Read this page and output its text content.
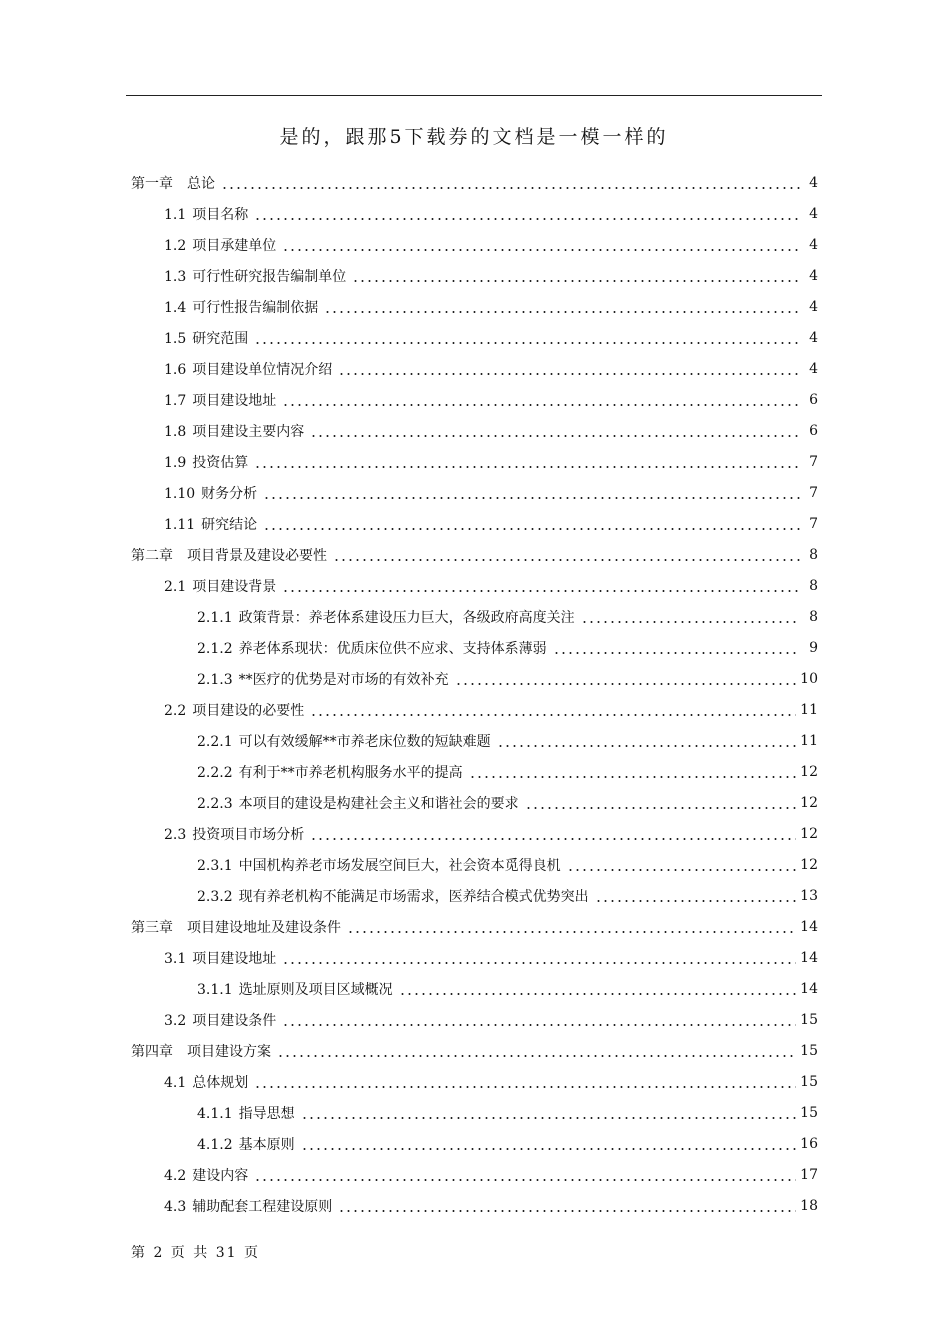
是的，跟那5下载券的文档是一模一样的
第一章 总论	4
1.1 项目名称	4
1.2 项目承建单位	4
1.3 可行性研究报告编制单位	4
1.4 可行性报告编制依据	4
1.5 研究范围	4
1.6 项目建设单位情况介绍	4
1.7 项目建设地址	6
1.8 项目建设主要内容	6
1.9 投资估算	7
1.10 财务分析	7
1.11 研究结论	7
第二章 项目背景及建设必要性	8
2.1 项目建设背景	8
2.1.1 政策背景：养老体系建设压力巨大，各级政府高度关注	8
2.1.2 养老体系现状：优质床位供不应求、支持体系薄弱	9
2.1.3 **医疗的优势是对市场的有效补充	10
2.2 项目建设的必要性	11
2.2.1 可以有效缓解**市养老床位数的短缺难题	11
2.2.2 有利于**市养老机构服务水平的提高	12
2.2.3 本项目的建设是构建社会主义和谐社会的要求	12
2.3 投资项目市场分析	12
2.3.1 中国机构养老市场发展空间巨大，社会资本觅得良机	12
2.3.2 现有养老机构不能满足市场需求，医养结合模式优势突出	13
第三章 项目建设地址及建设条件	14
3.1 项目建设地址	14
3.1.1 选址原则及项目区域概况	14
3.2 项目建设条件	15
第四章 项目建设方案	15
4.1 总体规划	15
4.1.1 指导思想	15
4.1.2 基本原则	16
4.2 建设内容	17
4.3 辅助配套工程建设原则	18
第 2 页 共 31 页
